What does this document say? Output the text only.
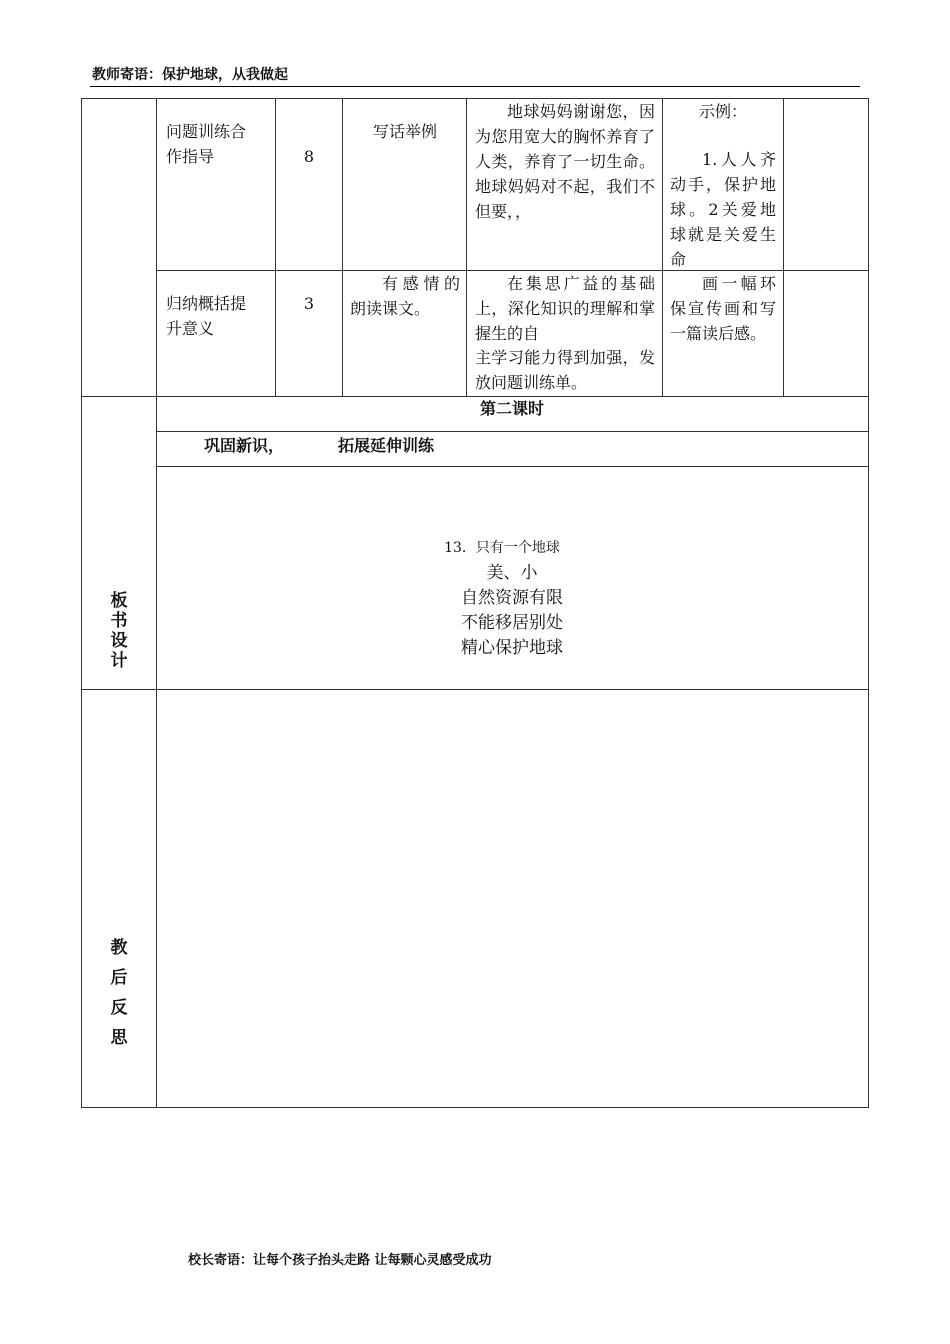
教师寄语：保护地球，从我做起
问题训练合作指导	8
写话举例
地球妈妈谢谢您，因为您用宽大的胸怀养育了人类，养育了一切生命。地球妈妈对不起，我们不但要，，
示例：
1.人人齐动手，保护地球。2关爱地球就是关爱生命
归纳概括提升意义
3
有感情的朗读课文。
在集思广益的基础上，深化知识的理解和掌握生的自
主学习能力得到加强，发放问题训练单。
画一幅环保宣传画和写一篇读后感。
第二课时
巩固新识，	拓展延伸训练
板书设计
13．只有一个地球
美、小
自然资源有限
不能移居别处
精心保护地球
教后反思
校长寄语：让每个孩子抬头走路 让每颗心灵感受成功
